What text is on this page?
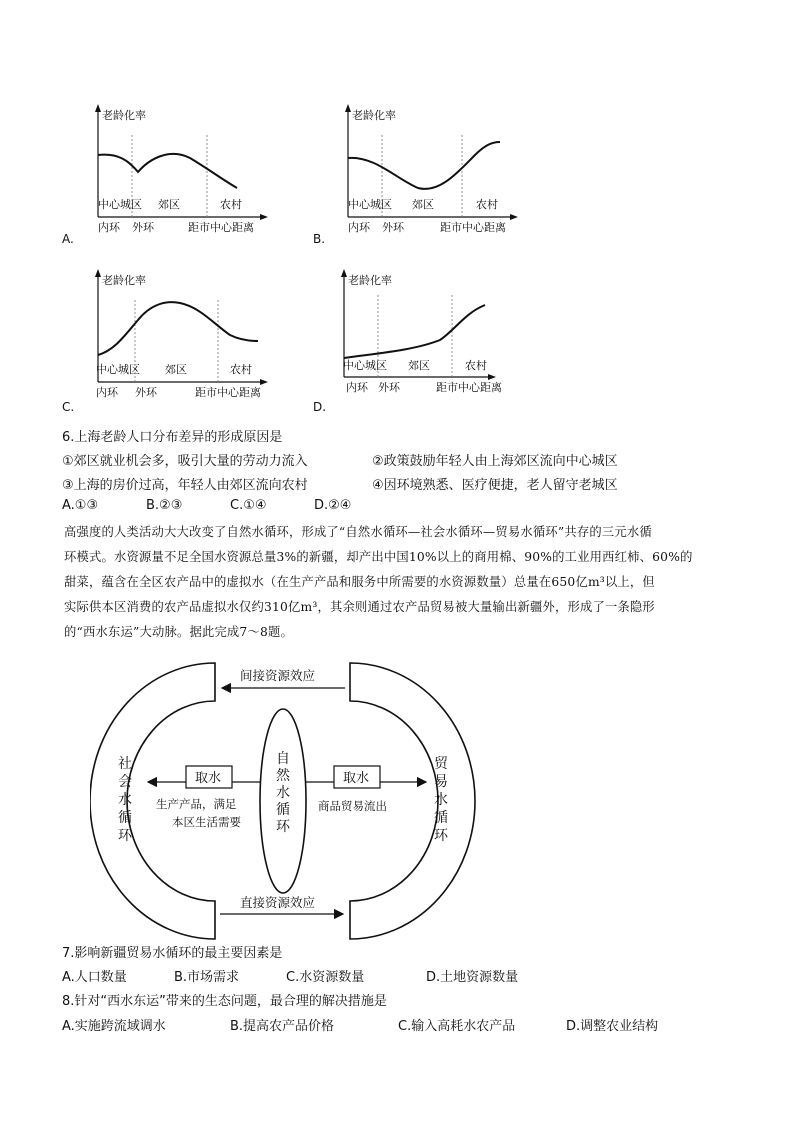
老龄化率
中心城区 郊区	农村
内环 外环	距市中心距离
A.
老龄化率
中心城区 郊区	农村
内环 外环	距市中心距离
B.
老龄化率
中心城区 郊区	农村
内环 外环	距市中心距离
C.
老龄化率
中心城区 郊区	农村
内环 外环	距市中心距离
D.
6.上海老龄人口分布差异的形成原因是
①郊区就业机会多，吸引大量的劳动力流入	②政策鼓励年轻人由上海郊区流向中心城区
③上海的房价过高，年轻人由郊区流向农村	④因环境熟悉、医疗便捷，老人留守老城区
A.①③	B.②③	C.①④	D.②④
高强度的人类活动大大改变了自然水循环，形成了“自然水循环—社会水循环—贸易水循环”共存的三元水循
环模式。水资源量不足全国水资源总量3%的新疆，却产出中国10%以上的商用棉、90%的工业用西红柿、60%的
甜菜，蕴含在全区农产品中的虚拟水（在生产产品和服务中所需要的水资源数量）总量在650亿m³以上，但
实际供本区消费的农产品虚拟水仅约310亿m³，其余则通过农产品贸易被大量输出新疆外，形成了一条隐形
的“西水东运”大动脉。据此完成7～8题。
间接资源效应
直接资源效应
取水
生产产品，满足
本区生活需要
取水
商品贸易流出
社会水循环
自然水循环
贸易水循环
7.影响新疆贸易水循环的最主要因素是
A.人口数量	B.市场需求	C.水资源数量	D.土地资源数量
8.针对“西水东运”带来的生态问题，最合理的解决措施是
A.实施跨流域调水	B.提高农产品价格	C.输入高耗水农产品	D.调整农业结构
